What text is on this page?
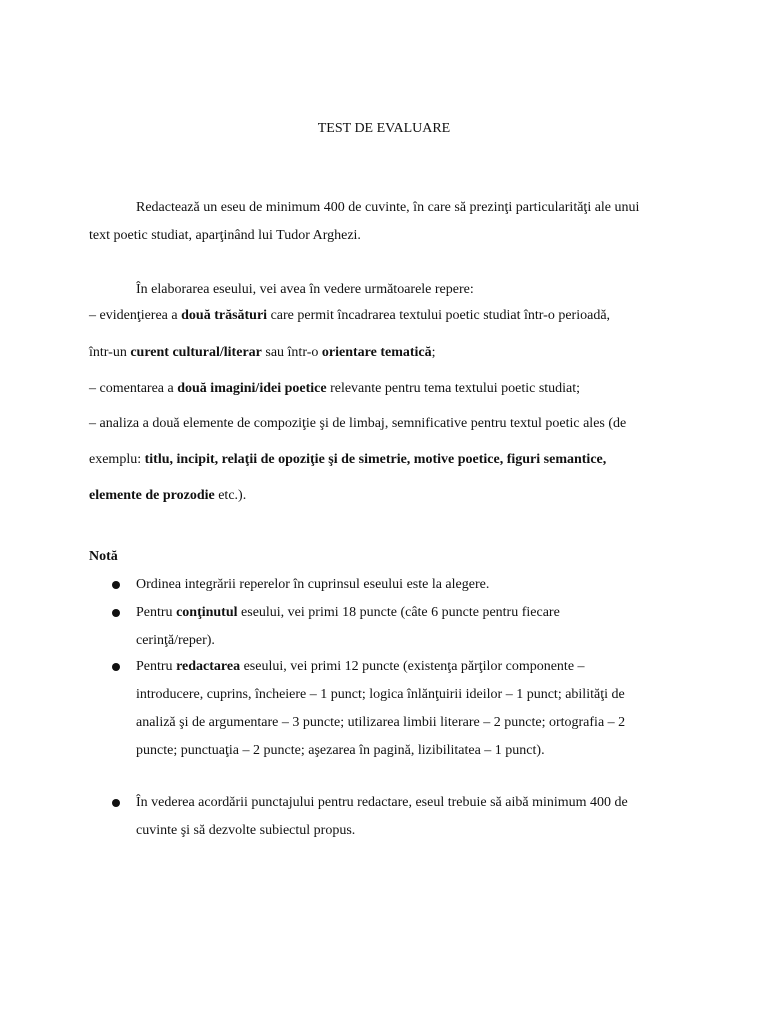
TEST DE EVALUARE
Redactează un eseu de minimum 400 de cuvinte, în care să prezinţi particularităţi ale unui
text poetic studiat, aparţinând lui Tudor Arghezi.
În elaborarea eseului, vei avea în vedere următoarele repere:
– evidenţierea a două trăsături care permit încadrarea textului poetic studiat într-o perioadă,
într-un curent cultural/literar sau într-o orientare tematică;
– comentarea a două imagini/idei poetice relevante pentru tema textului poetic studiat;
– analiza a două elemente de compoziţie şi de limbaj, semnificative pentru textul poetic ales (de
exemplu: titlu, incipit, relaţii de opoziţie şi de simetrie, motive poetice, figuri semantice,
elemente de prozodie etc.).
Notă
Ordinea integrării reperelor în cuprinsul eseului este la alegere.
Pentru conţinutul eseului, vei primi 18 puncte (câte 6 puncte pentru fiecare
cerinţă/reper).
Pentru redactarea eseului, vei primi 12 puncte (existenţa părţilor componente –
introducere, cuprins, încheiere – 1 punct; logica înlănţuirii ideilor – 1 punct; abilităţi de
analiză şi de argumentare – 3 puncte; utilizarea limbii literare – 2 puncte; ortografia – 2
puncte; punctuaţia – 2 puncte; aşezarea în pagină, lizibilitatea – 1 punct).
În vederea acordării punctajului pentru redactare, eseul trebuie să aibă minimum 400 de
cuvinte şi să dezvolte subiectul propus.
